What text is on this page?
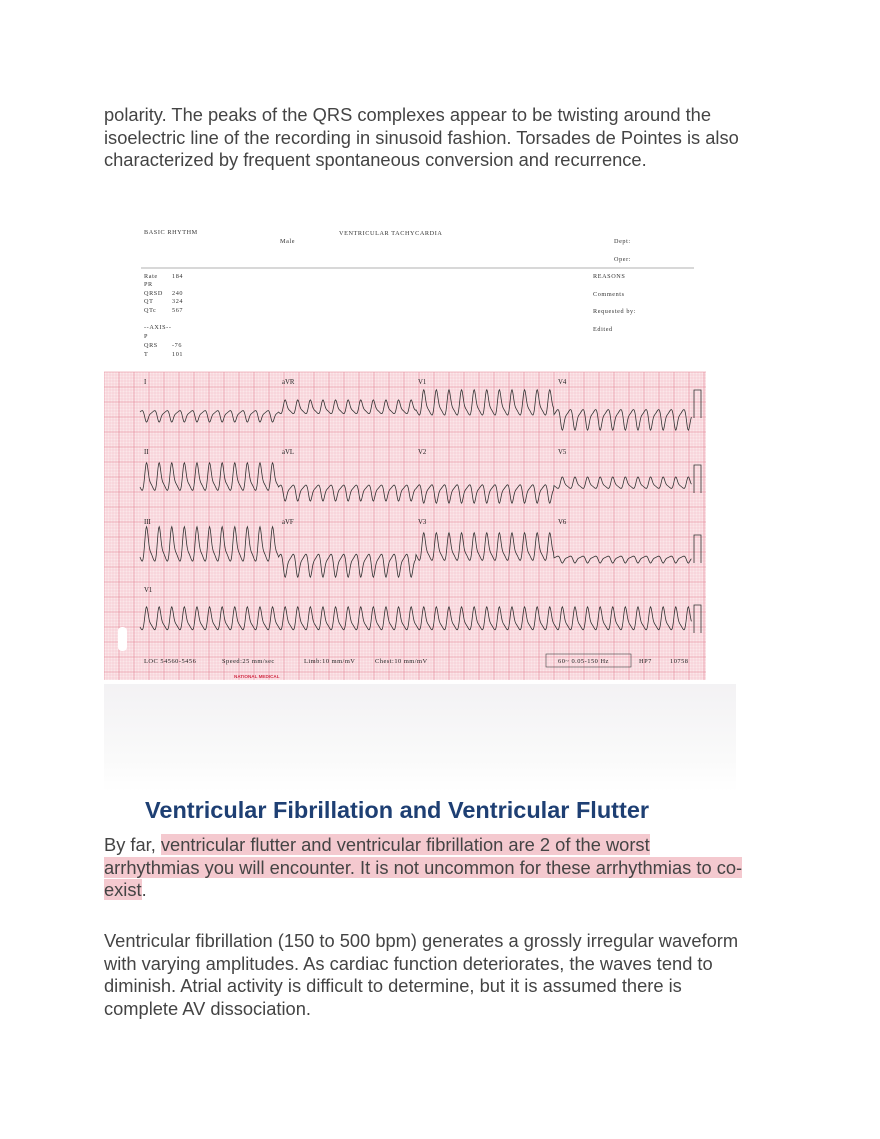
polarity. The peaks of the QRS complexes appear to be twisting around the isoelectric line of the recording in sinusoid fashion. Torsades de Pointes is also characterized by frequent spontaneous conversion and recurrence.

BASIC RHYTHM	VENTRICULAR TACHYCARDIA
Male	Dept:
Oper:
Rate 184
PR
QRSD 240
QT	324
QTc	567
--AXIS--
P
QRS -76
T	101
REASONS
Comments
Requested by:
Edited
I	aVR	V1	V4
II	aVL	V2	V5
III	aVF	V3	V6
V1
LOC 54560-5456	Speed:25 mm/sec	Limb:10 mm/mV	Chest:10 mm/mV	60~ 0.05-150 Hz	HP7	10758
NATIONAL MEDICAL
Ventricular Fibrillation and Ventricular Flutter

By far, ventricular flutter and ventricular fibrillation are 2 of the worst arrhythmias you will encounter. It is not uncommon for these arrhythmias to co-exist.

Ventricular fibrillation (150 to 500 bpm) generates a grossly irregular waveform with varying amplitudes. As cardiac function deteriorates, the waves tend to diminish. Atrial activity is difficult to determine, but it is assumed there is complete AV dissociation.
